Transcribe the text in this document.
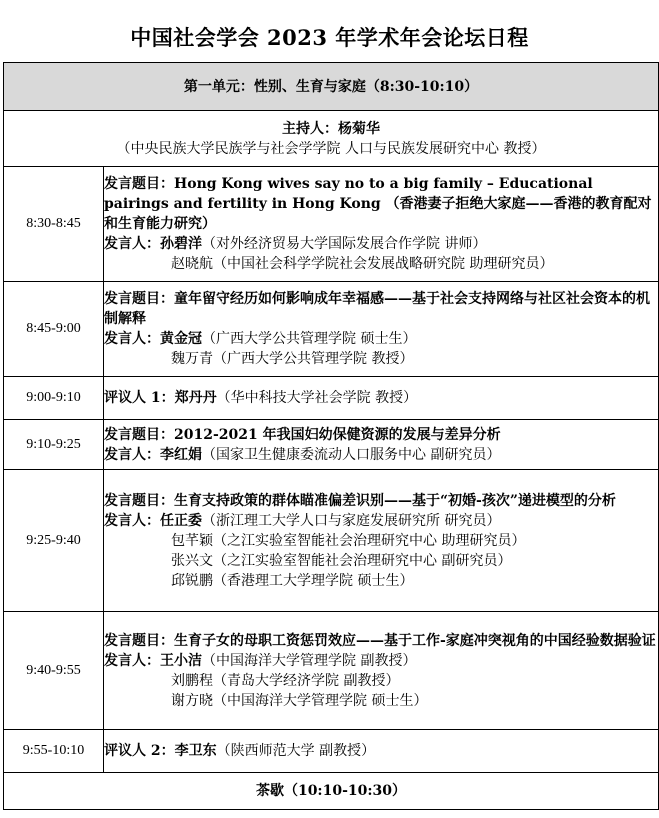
中国社会学会 2023 年学术年会论坛日程
第一单元：性别、生育与家庭（8:30-10:10）	

主持人：杨菊华
（中央民族大学民族学与社会学学院 人口与民族发展研究中心 教授）	

8:30-8:45	发言题目：Hong Kong wives say no to a big family – Educational pairings and fertility in Hong Kong （香港妻子拒绝大家庭——香港的教育配对和生育能力研究）
发言人：孙碧洋（对外经济贸易大学国际发展合作学院 讲师）
赵晓航（中国社会科学学院社会发展战略研究院 助理研究员）

8:45-9:00	发言题目：童年留守经历如何影响成年幸福感——基于社会支持网络与社区社会资本的机制解释
发言人：黄金冠（广西大学公共管理学院 硕士生）
魏万青（广西大学公共管理学院 教授）

9:00-9:10	评议人 1：郑丹丹（华中科技大学社会学院 教授）
9:10-9:25	发言题目：2012-2021 年我国妇幼保健资源的发展与差异分析
发言人：李红娟（国家卫生健康委流动人口服务中心 副研究员）

9:25-9:40	发言题目：生育支持政策的群体瞄准偏差识别——基于“初婚-孩次”递进模型的分析
发言人：任正委（浙江理工大学人口与家庭发展研究所 研究员）
包芊颖（之江实验室智能社会治理研究中心 助理研究员）
张兴文（之江实验室智能社会治理研究中心 副研究员）
邱锐鹏（香港理工大学理学院 硕士生）

9:40-9:55	发言题目：生育子女的母职工资惩罚效应——基于工作-家庭冲突视角的中国经验数据验证
发言人：王小洁（中国海洋大学管理学院 副教授）
刘鹏程（青岛大学经济学院 副教授）
谢方晓（中国海洋大学管理学院 硕士生）

9:55-10:10	评议人 2：李卫东（陕西师范大学 副教授）
茶歇（10:10-10:30）	
